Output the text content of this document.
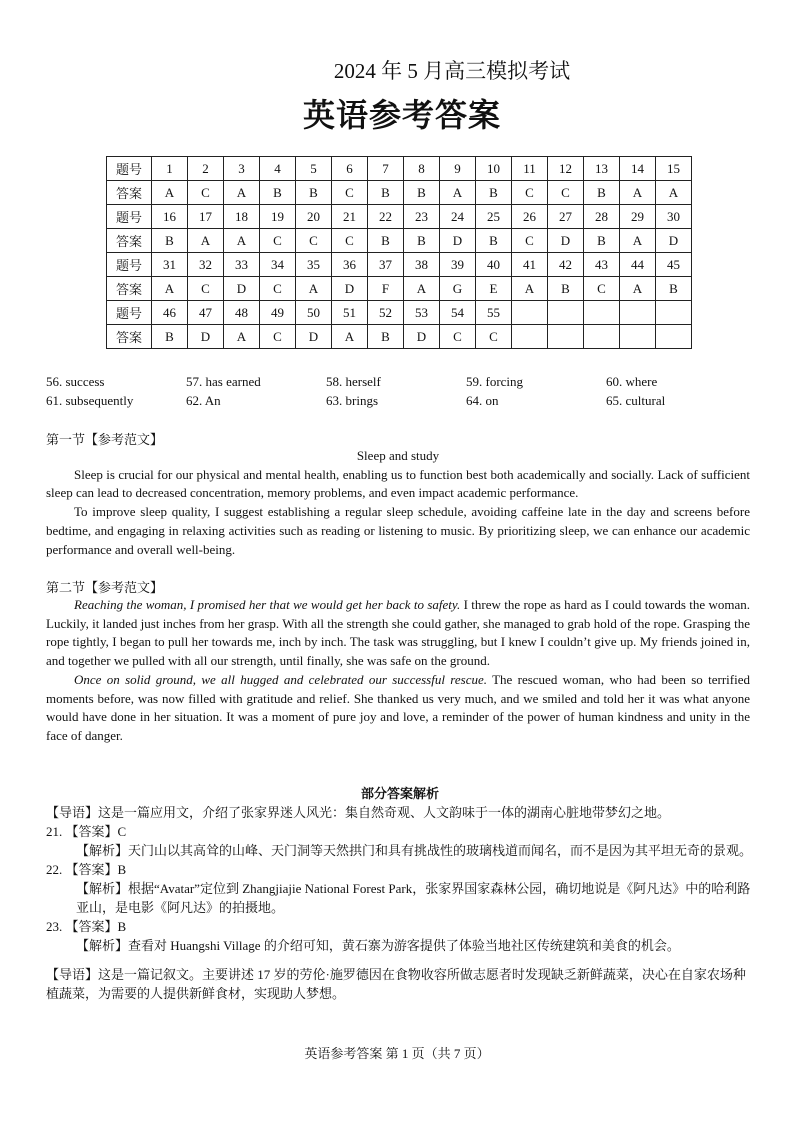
2024 年 5 月高三模拟考试
英语参考答案
题号	1	2	3	4	5	6	7	8	9	10	11	12	13	14	15
答案	A	C	A	B	B	C	B	B	A	B	C	C	B	A	A
题号	16	17	18	19	20	21	22	23	24	25	26	27	28	29	30
答案	B	A	A	C	C	C	B	B	D	B	C	D	B	A	D
题号	31	32	33	34	35	36	37	38	39	40	41	42	43	44	45
答案	A	C	D	C	A	D	F	A	G	E	A	B	C	A	B
题号	46	47	48	49	50	51	52	53	54	55					
答案	B	D	A	C	D	A	B	D	C	C					
56. success	57. has earned	58. herself	59. forcing	60. where
61. subsequently	62. An	63. brings	64. on	65. cultural
第一节【参考范文】

Sleep and study

Sleep is crucial for our physical and mental health, enabling us to function best both academically and socially. Lack of sufficient sleep can lead to decreased concentration, memory problems, and even impact academic performance.

To improve sleep quality, I suggest establishing a regular sleep schedule, avoiding caffeine late in the day and screens before bedtime, and engaging in relaxing activities such as reading or listening to music. By prioritizing sleep, we can enhance our academic performance and overall well-being.

第二节【参考范文】

Reaching the woman, I promised her that we would get her back to safety. I threw the rope as hard as I could towards the woman. Luckily, it landed just inches from her grasp. With all the strength she could gather, she managed to grab hold of the rope. Grasping the rope tightly, I began to pull her towards me, inch by inch. The task was struggling, but I knew I couldn’t give up. My friends joined in, and together we pulled with all our strength, until finally, she was safe on the ground.

Once on solid ground, we all hugged and celebrated our successful rescue. The rescued woman, who had been so terrified moments before, was now filled with gratitude and relief. She thanked us very much, and we smiled and told her it was what anyone would have done in her situation. It was a moment of pure joy and love, a reminder of the power of human kindness and unity in the face of danger.

部分答案解析
【导语】这是一篇应用文，介绍了张家界迷人风光：集自然奇观、人文韵味于一体的湖南心脏地带梦幻之地。
21. 【答案】C
【解析】天门山以其高耸的山峰、天门洞等天然拱门和具有挑战性的玻璃栈道而闻名，而不是因为其平坦无奇的景观。
22. 【答案】B
【解析】根据“Avatar”定位到 Zhangjiajie National Forest Park，张家界国家森林公园，确切地说是《阿凡达》中的哈利路亚山，是电影《阿凡达》的拍摄地。
23. 【答案】B
【解析】查看对 Huangshi Village 的介绍可知，黄石寨为游客提供了体验当地社区传统建筑和美食的机会。
【导语】这是一篇记叙文。主要讲述 17 岁的劳伦·施罗德因在食物收容所做志愿者时发现缺乏新鲜蔬菜，决心在自家农场种植蔬菜，为需要的人提供新鲜食材，实现助人梦想。
英语参考答案 第 1 页（共 7 页）
